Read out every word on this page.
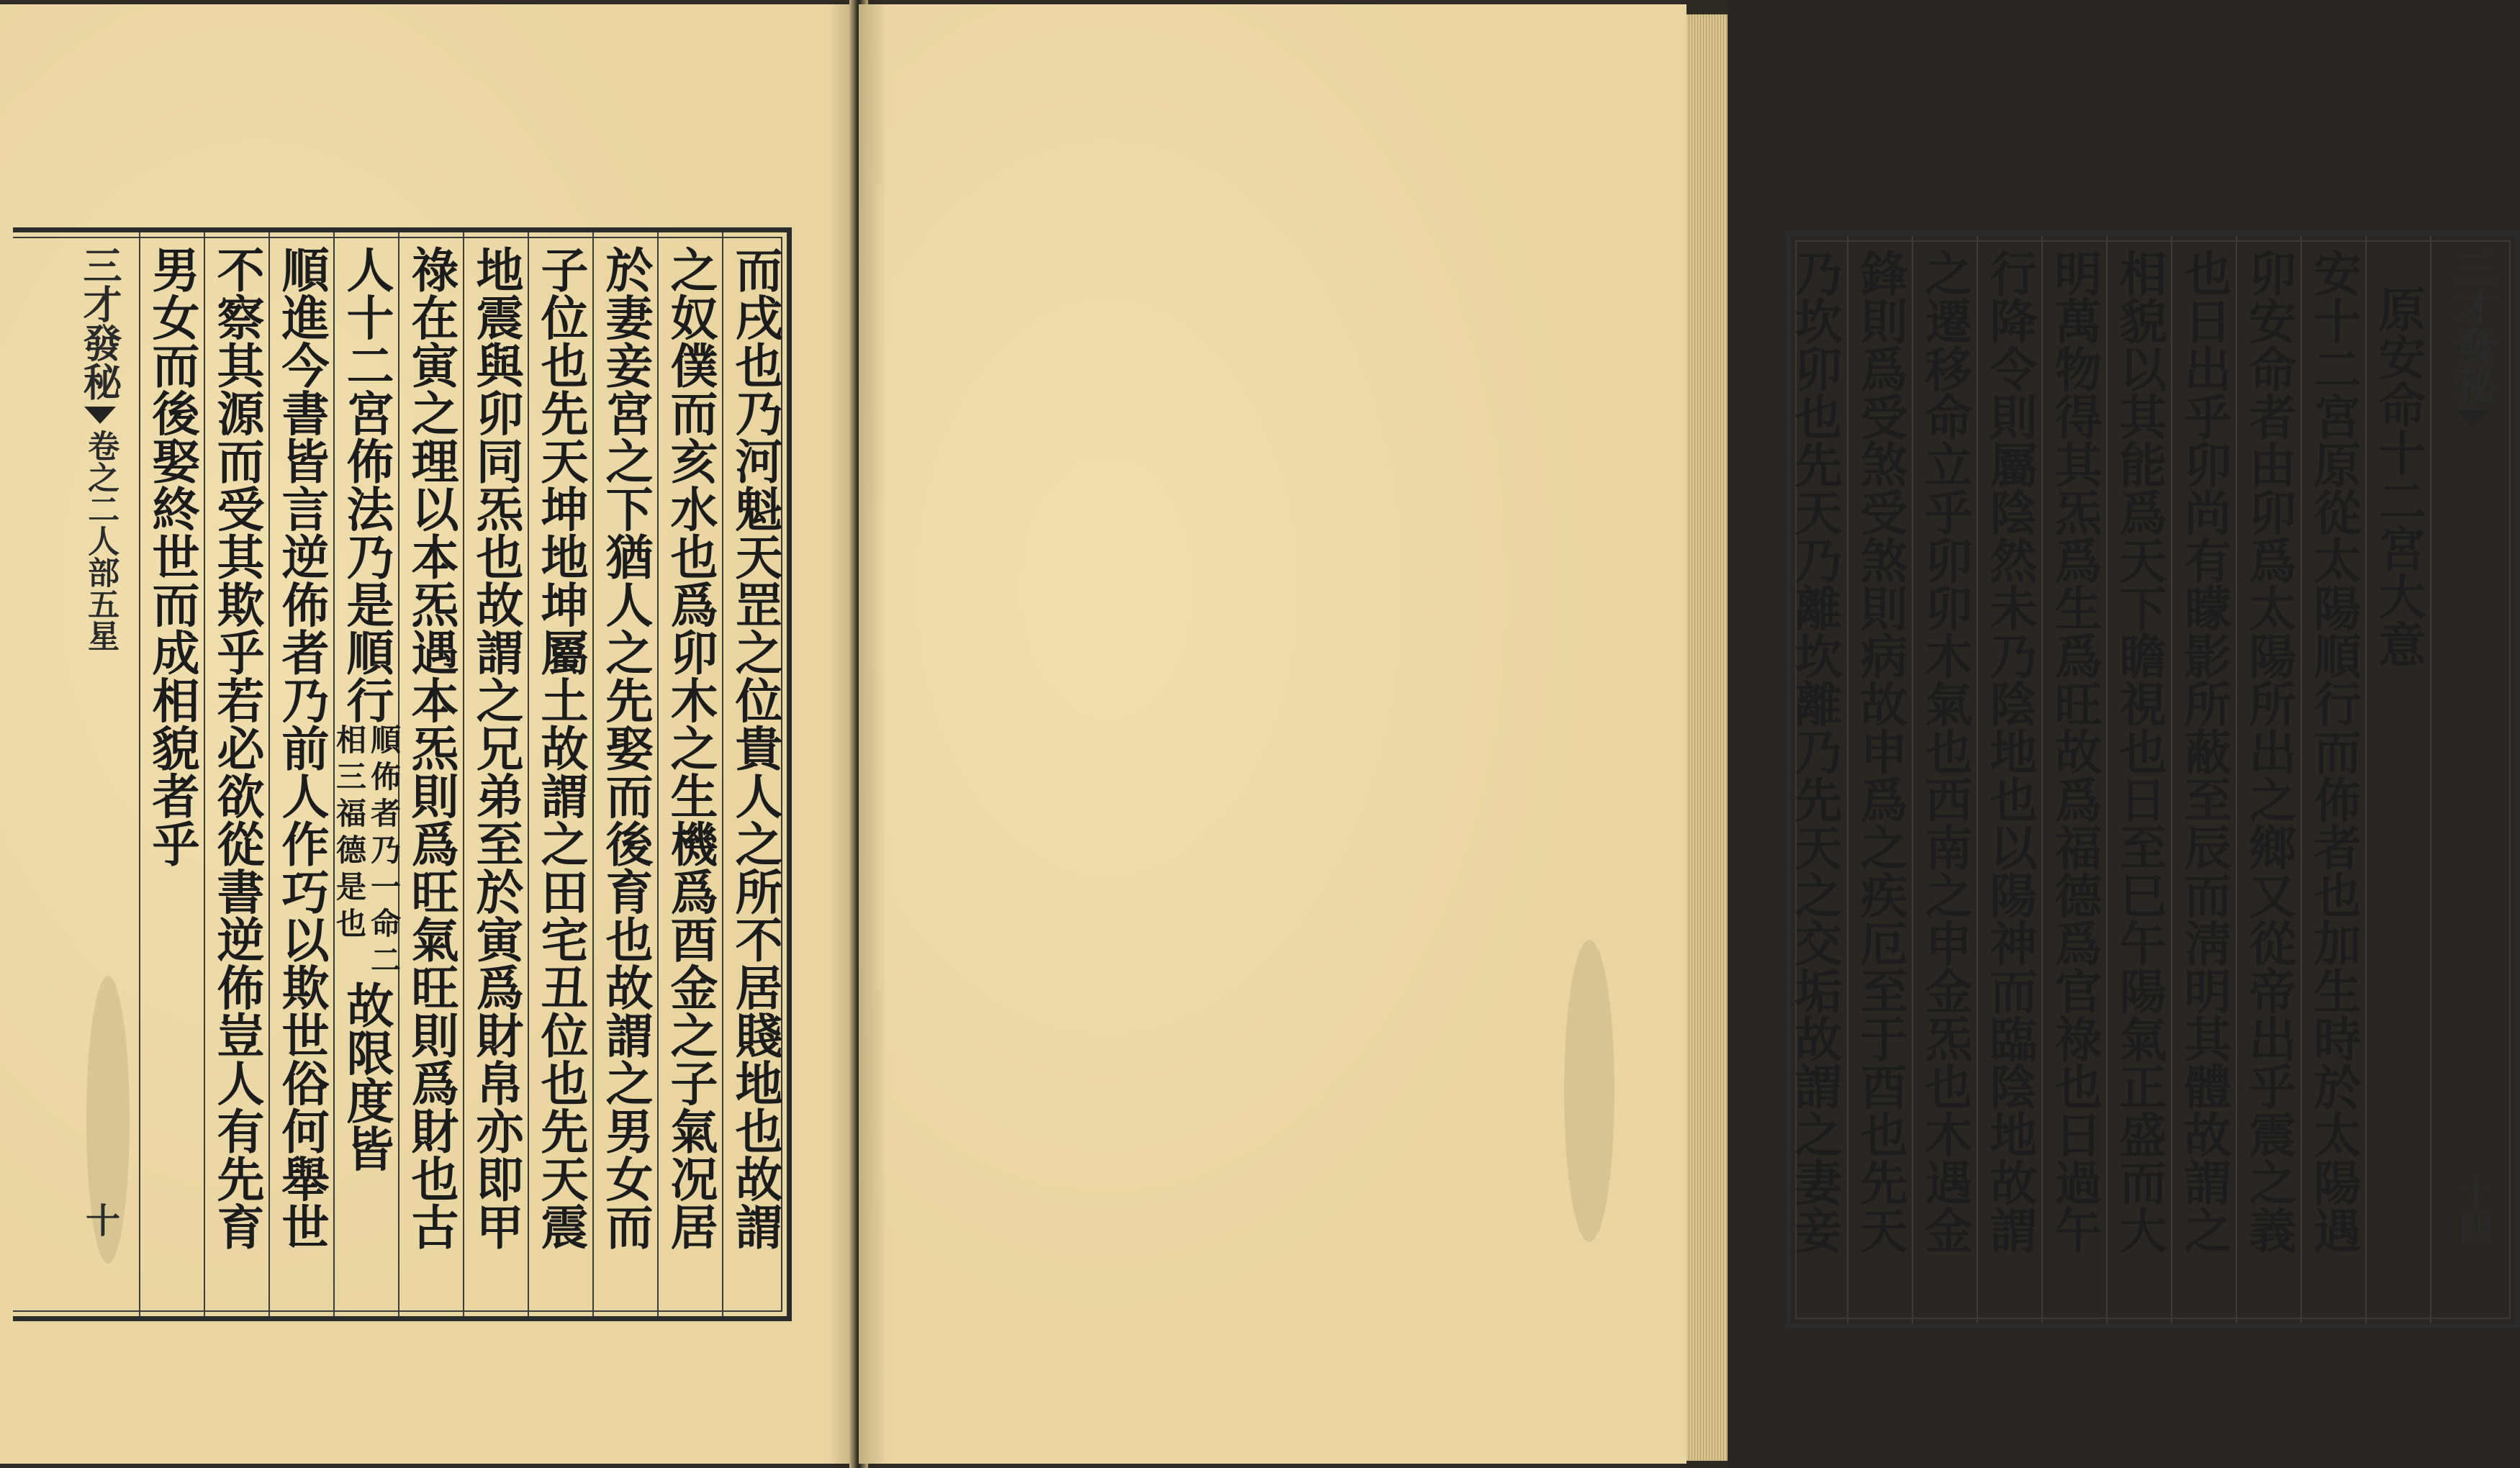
而戌也乃河魁天罡之位貴人之所不居賤地也故謂
之奴僕而亥水也爲卯木之生機爲酉金之子氣况居
於妻妾宮之下猶人之先娶而後育也故謂之男女而
子位也先天坤地坤屬土故謂之田宅丑位也先天震
地震與卯同炁也故謂之兄弟至於寅爲財帛亦即甲
祿在寅之理以本炁遇本炁則爲旺氣旺則爲財也古
人十二宮佈法乃是順行
順佈者乃一命二
相三福德是也
故限度皆
順進今書皆言逆佈者乃前人作巧以欺世俗何舉世
不察其源而受其欺乎若必欲從書逆佈豈人有先育
男女而後娶終世而成相貌者乎
三才發秘
卷之二人部五星
十
三才發秘
卷之二人部五星
十四
原安命十二宮大意
安十二宮原從太陽順行而佈者也加生時於太陽遇
卯安命者由卯爲太陽所出之鄉又從帝出乎震之義
也日出乎卯尚有矇影所蔽至辰而淸明其體故謂之
相貌以其能爲天下瞻視也日至巳午陽氣正盛而大
明萬物得其炁爲生爲旺故爲福德爲官祿也日過午
行降令則屬陰然未乃陰地也以陽神而臨陰地故謂
之遷移命立乎卯卯木氣也西南之申金炁也木遇金
鋒則爲受煞受煞則病故申爲之疾厄至于酉也先天
乃坎卯也先天乃離坎離乃先天之交垢故謂之妻妾
